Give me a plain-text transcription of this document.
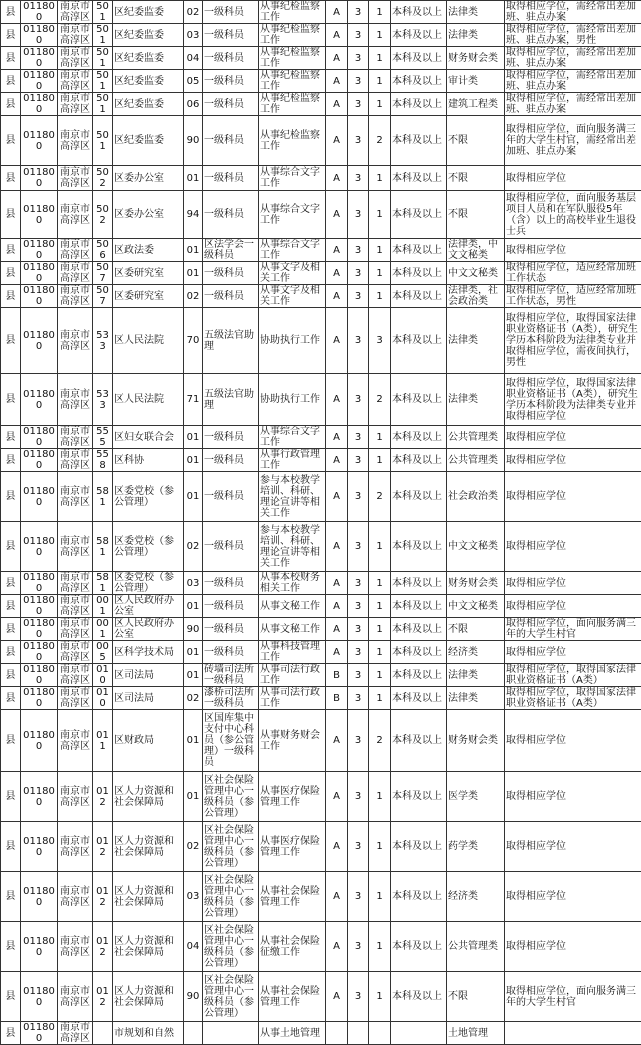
县	011800	南京市高淳区	501	区纪委监委	02	一级科员	从事纪检监察工作	A	3	1	本科及以上	法律类	取得相应学位，需经常出差加班、驻点办案
县	011800	南京市高淳区	501	区纪委监委	03	一级科员	从事纪检监察工作	A	3	1	本科及以上	法律类	取得相应学位，需经常出差加班、驻点办案，男性
县	011800	南京市高淳区	501	区纪委监委	04	一级科员	从事纪检监察工作	A	3	1	本科及以上	财务财会类	取得相应学位，需经常出差加班、驻点办案
县	011800	南京市高淳区	501	区纪委监委	05	一级科员	从事纪检监察工作	A	3	1	本科及以上	审计类	取得相应学位，需经常出差加班、驻点办案
县	011800	南京市高淳区	501	区纪委监委	06	一级科员	从事纪检监察工作	A	3	1	本科及以上	建筑工程类	取得相应学位，需经常出差加班、驻点办案
县	011800	南京市高淳区	501	区纪委监委	90	一级科员	从事纪检监察工作	A	3	2	本科及以上	不限	取得相应学位，面向服务满三年的大学生村官，需经常出差加班、驻点办案
县	011800	南京市高淳区	502	区委办公室	01	一级科员	从事综合文字工作	A	3	1	本科及以上	不限	取得相应学位
县	011800	南京市高淳区	502	区委办公室	94	一级科员	从事综合文字工作	A	3	1	本科及以上	不限	取得相应学位，面向服务基层项目人员和在军队服役5年（含）以上的高校毕业生退役士兵
县	011800	南京市高淳区	506	区政法委	01	区法学会一级科员	从事综合文字工作	A	3	1	本科及以上	法律类，中文文秘类	取得相应学位
县	011800	南京市高淳区	507	区委研究室	01	一级科员	从事文字及相关工作	A	3	1	本科及以上	中文文秘类	取得相应学位，适应经常加班工作状态
县	011800	南京市高淳区	507	区委研究室	02	一级科员	从事文字及相关工作	A	3	1	本科及以上	法律类，社会政治类	取得相应学位，适应经常加班工作状态，男性
县	011800	南京市高淳区	533	区人民法院	70	五级法官助理	协助执行工作	A	3	3	本科及以上	法律类	取得相应学位，取得国家法律职业资格证书（A类），研究生学历本科阶段为法律类专业并取得相应学位，需夜间执行，男性
县	011800	南京市高淳区	533	区人民法院	71	五级法官助理	协助执行工作	A	3	2	本科及以上	法律类	取得相应学位，取得国家法律职业资格证书（A类），研究生学历本科阶段为法律类专业并取得相应学位
县	011800	南京市高淳区	555	区妇女联合会	01	一级科员	从事综合文字工作	A	3	1	本科及以上	公共管理类	取得相应学位
县	011800	南京市高淳区	558	区科协	01	一级科员	从事行政管理工作	A	3	1	本科及以上	公共管理类	取得相应学位
县	011800	南京市高淳区	581	区委党校（参公管理）	01	一级科员	参与本校教学培训、科研、理论宣讲等相关工作	A	3	2	本科及以上	社会政治类	取得相应学位
县	011800	南京市高淳区	581	区委党校（参公管理）	02	一级科员	参与本校教学培训、科研、理论宣讲等相关工作	A	3	1	本科及以上	中文文秘类	取得相应学位
县	011800	南京市高淳区	581	区委党校（参公管理）	03	一级科员	从事本校财务相关工作	A	3	1	本科及以上	财务财会类	取得相应学位
县	011800	南京市高淳区	001	区人民政府办公室	01	一级科员	从事文秘工作	A	3	1	本科及以上	中文文秘类	取得相应学位
县	011800	南京市高淳区	001	区人民政府办公室	90	一级科员	从事文秘工作	A	3	1	本科及以上	不限	取得相应学位，面向服务满三年的大学生村官
县	011800	南京市高淳区	005	区科学技术局	01	一级科员	从事科技管理工作	A	3	1	本科及以上	经济类	取得相应学位
县	011800	南京市高淳区	010	区司法局	01	砖墙司法所一级科员	从事司法行政工作	B	3	1	本科及以上	法律类	取得相应学位，取得国家法律职业资格证书（A类）
县	011800	南京市高淳区	010	区司法局	02	漆桥司法所一级科员	从事司法行政工作	B	3	1	本科及以上	法律类	取得相应学位，取得国家法律职业资格证书（A类）
县	011800	南京市高淳区	011	区财政局	01	区国库集中支付中心科员（参公管理）一级科员	从事财务财会工作	A	3	2	本科及以上	财务财会类	取得相应学位
县	011800	南京市高淳区	012	区人力资源和社会保障局	01	区社会保险管理中心一级科员（参公管理）	从事医疗保险管理工作	A	3	1	本科及以上	医学类	取得相应学位
县	011800	南京市高淳区	012	区人力资源和社会保障局	02	区社会保险管理中心一级科员（参公管理）	从事医疗保险管理工作	A	3	1	本科及以上	药学类	取得相应学位
县	011800	南京市高淳区	012	区人力资源和社会保障局	03	区社会保险管理中心一级科员（参公管理）	从事社会保险管理工作	A	3	1	本科及以上	经济类	取得相应学位
县	011800	南京市高淳区	012	区人力资源和社会保障局	04	区社会保险管理中心一级科员（参公管理）	从事社会保险征缴工作	A	3	1	本科及以上	公共管理类	取得相应学位
县	011800	南京市高淳区	012	区人力资源和社会保障局	90	区社会保险管理中心一级科员（参公管理）	从事社会保险管理工作	A	3	1	本科及以上	不限	取得相应学位，面向服务满三年的大学生村官
县	011800	南京市高淳区		市规划和自然			从事土地管理					土地管理	
